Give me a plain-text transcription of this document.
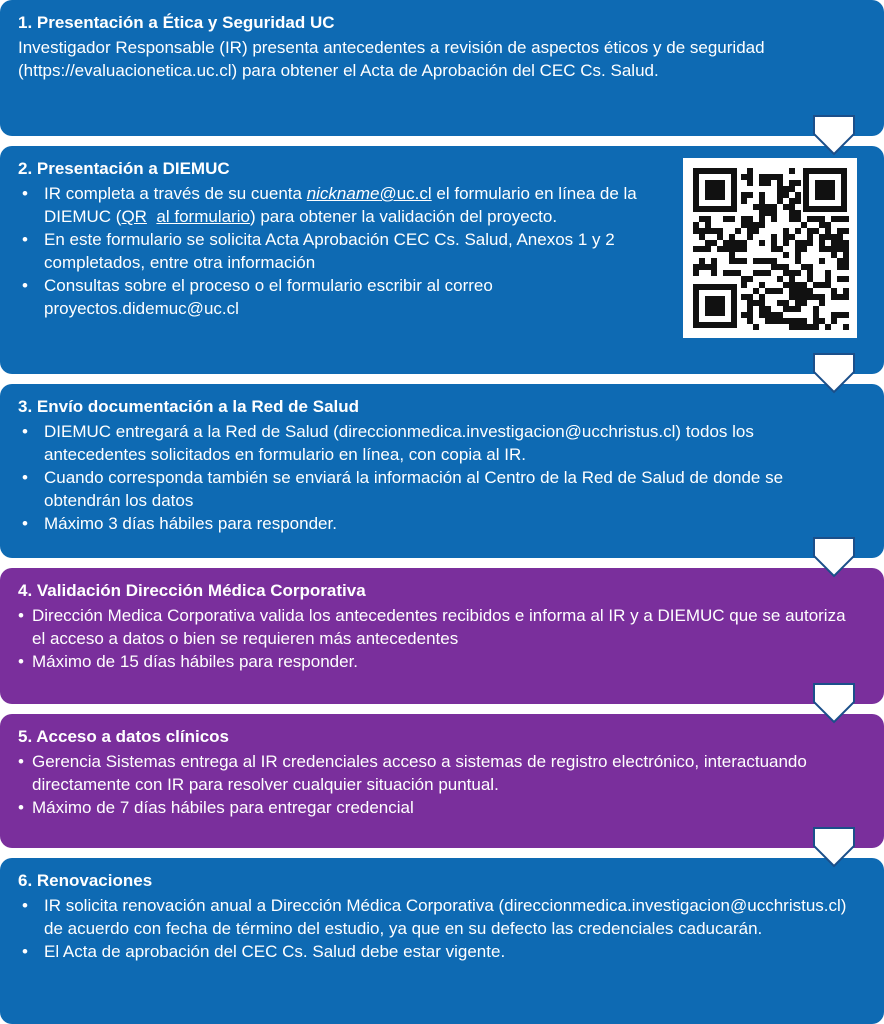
1. Presentación a Ética y Seguridad UC
Investigador Responsable (IR) presenta antecedentes a revisión de aspectos éticos y de seguridad (https://evaluacionetica.uc.cl) para obtener el Acta de Aprobación del CEC Cs. Salud.
2. Presentación a DIEMUC
• IR completa a través de su cuenta nickname@uc.cl el formulario en línea de la DIEMUC (QR al formulario) para obtener la validación del proyecto.
• En este formulario se solicita Acta Aprobación CEC Cs. Salud, Anexos 1 y 2 completados, entre otra información
• Consultas sobre el proceso o el formulario escribir al correo proyectos.didemuc@uc.cl
3. Envío documentación a la Red de Salud
• DIEMUC entregará a la Red de Salud (direccionmedica.investigacion@ucchristus.cl) todos los antecedentes solicitados en formulario en línea, con copia al IR.
• Cuando corresponda también se enviará la información al Centro de la Red de Salud de donde se obtendrán los datos
• Máximo 3 días hábiles para responder.
4. Validación Dirección Médica Corporativa
• Dirección Medica Corporativa valida los antecedentes recibidos e informa al IR y a DIEMUC que se autoriza el acceso a datos o bien se requieren más antecedentes
• Máximo de 15 días hábiles para responder.
5. Acceso a datos clínicos
• Gerencia Sistemas entrega al IR credenciales acceso a sistemas de registro electrónico, interactuando directamente con IR para resolver cualquier situación puntual.
• Máximo de 7 días hábiles para entregar credencial
6. Renovaciones
• IR solicita renovación anual a Dirección Médica Corporativa (direccionmedica.investigacion@ucchristus.cl) de acuerdo con fecha de término del estudio, ya que en su defecto las credenciales caducarán.
• El Acta de aprobación del CEC Cs. Salud debe estar vigente.
